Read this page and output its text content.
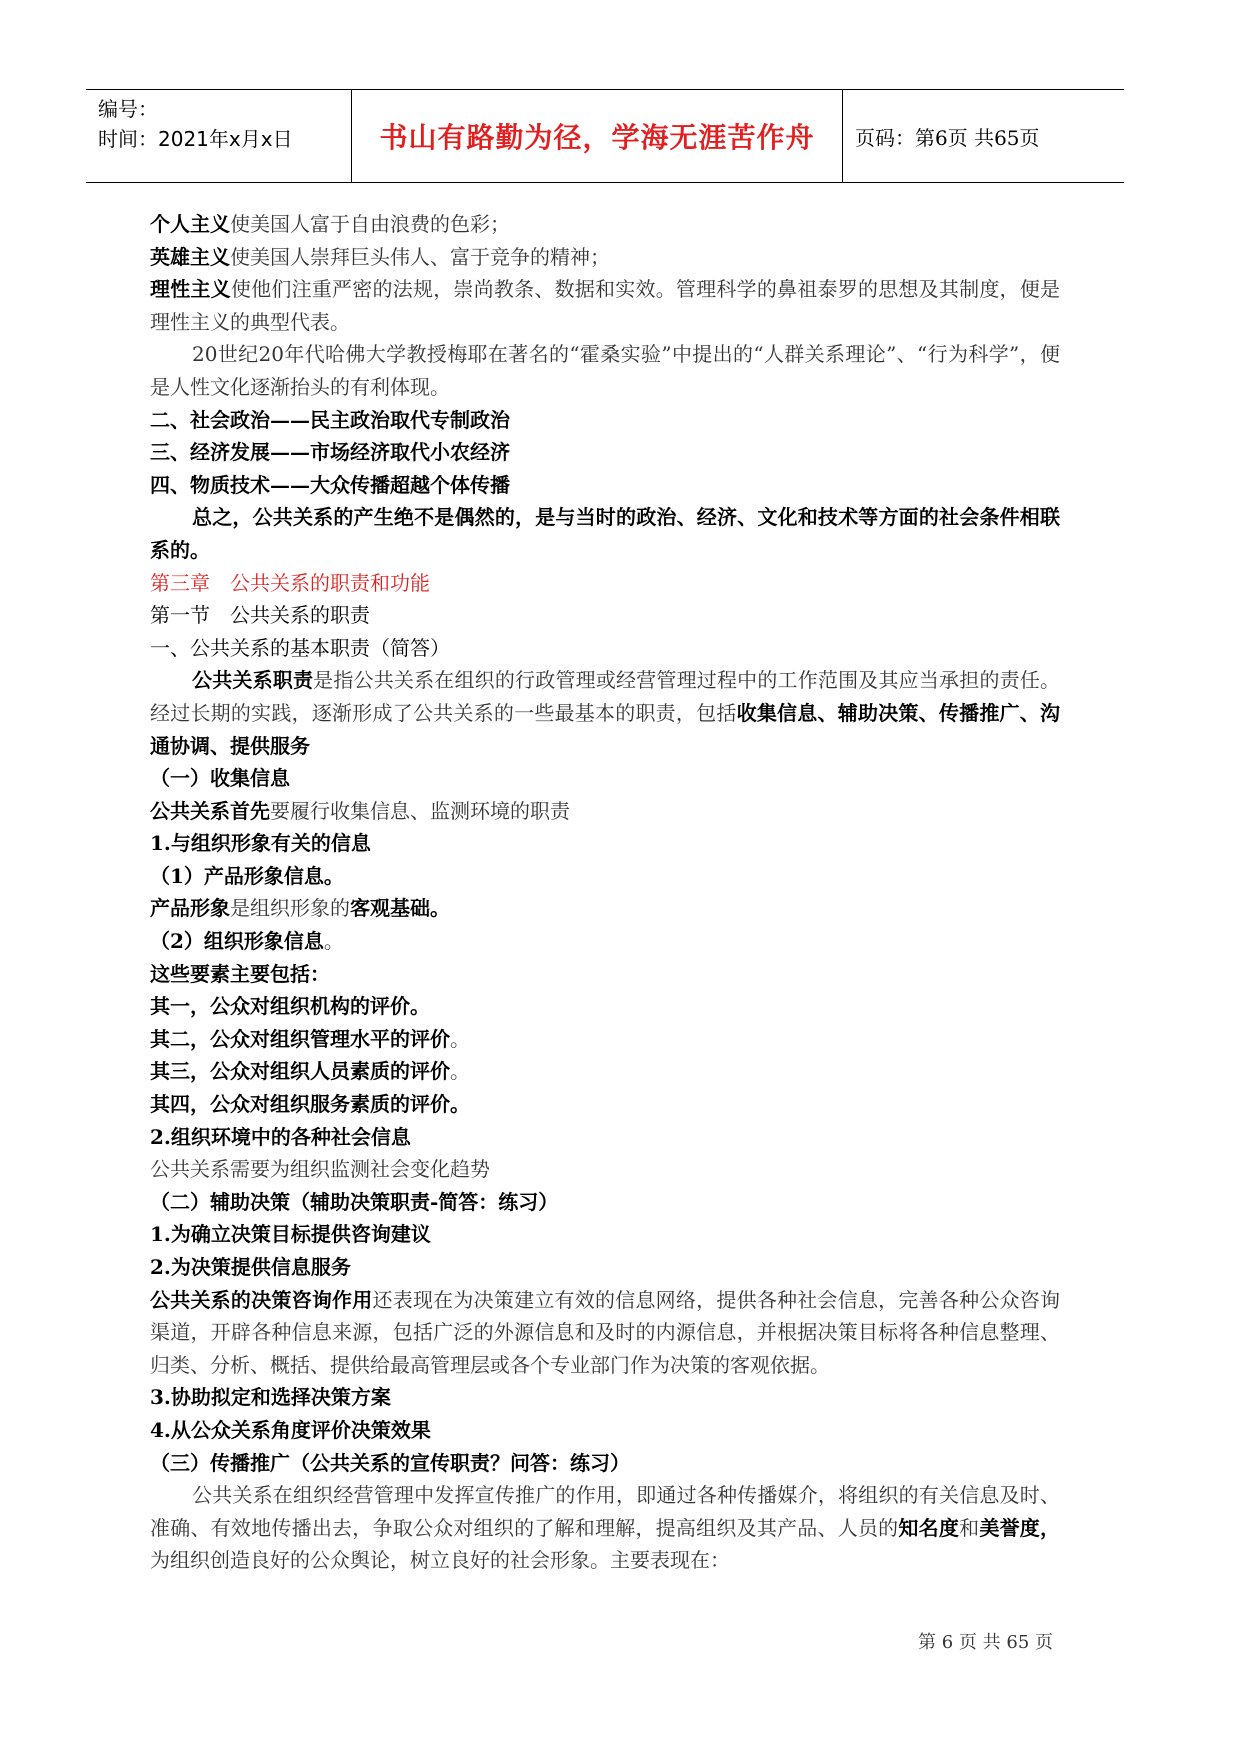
编号：
时间：2021年x月x日	书山有路勤为径，学海无涯苦作舟	页码：第6页 共65页

个人主义使美国人富于自由浪费的色彩；

英雄主义使美国人崇拜巨头伟人、富于竞争的精神；

理性主义使他们注重严密的法规，崇尚教条、数据和实效。管理科学的鼻祖泰罗的思想及其制度，便是理性主义的典型代表。

20世纪20年代哈佛大学教授梅耶在著名的“霍桑实验”中提出的“人群关系理论”、“行为科学”，便是人性文化逐渐抬头的有利体现。

二、社会政治——民主政治取代专制政治

三、经济发展——市场经济取代小农经济

四、物质技术——大众传播超越个体传播

总之，公共关系的产生绝不是偶然的，是与当时的政治、经济、文化和技术等方面的社会条件相联系的。

第三章　公共关系的职责和功能

第一节　公共关系的职责

一、公共关系的基本职责（简答）

公共关系职责是指公共关系在组织的行政管理或经营管理过程中的工作范围及其应当承担的责任。经过长期的实践，逐渐形成了公共关系的一些最基本的职责，包括收集信息、辅助决策、传播推广、沟通协调、提供服务

（一）收集信息

公共关系首先要履行收集信息、监测环境的职责

1.与组织形象有关的信息

（1）产品形象信息。

产品形象是组织形象的客观基础。

（2）组织形象信息。

这些要素主要包括：

其一，公众对组织机构的评价。

其二，公众对组织管理水平的评价。

其三，公众对组织人员素质的评价。

其四，公众对组织服务素质的评价。

2.组织环境中的各种社会信息

公共关系需要为组织监测社会变化趋势

（二）辅助决策（辅助决策职责-简答：练习）

1.为确立决策目标提供咨询建议

2.为决策提供信息服务

公共关系的决策咨询作用还表现在为决策建立有效的信息网络，提供各种社会信息，完善各种公众咨询渠道，开辟各种信息来源，包括广泛的外源信息和及时的内源信息，并根据决策目标将各种信息整理、归类、分析、概括、提供给最高管理层或各个专业部门作为决策的客观依据。

3.协助拟定和选择决策方案

4.从公众关系角度评价决策效果

（三）传播推广（公共关系的宣传职责？问答：练习）

公共关系在组织经营管理中发挥宣传推广的作用，即通过各种传播媒介，将组织的有关信息及时、准确、有效地传播出去，争取公众对组织的了解和理解，提高组织及其产品、人员的知名度和美誉度，为组织创造良好的公众舆论，树立良好的社会形象。主要表现在：

第 6 页 共 65 页
